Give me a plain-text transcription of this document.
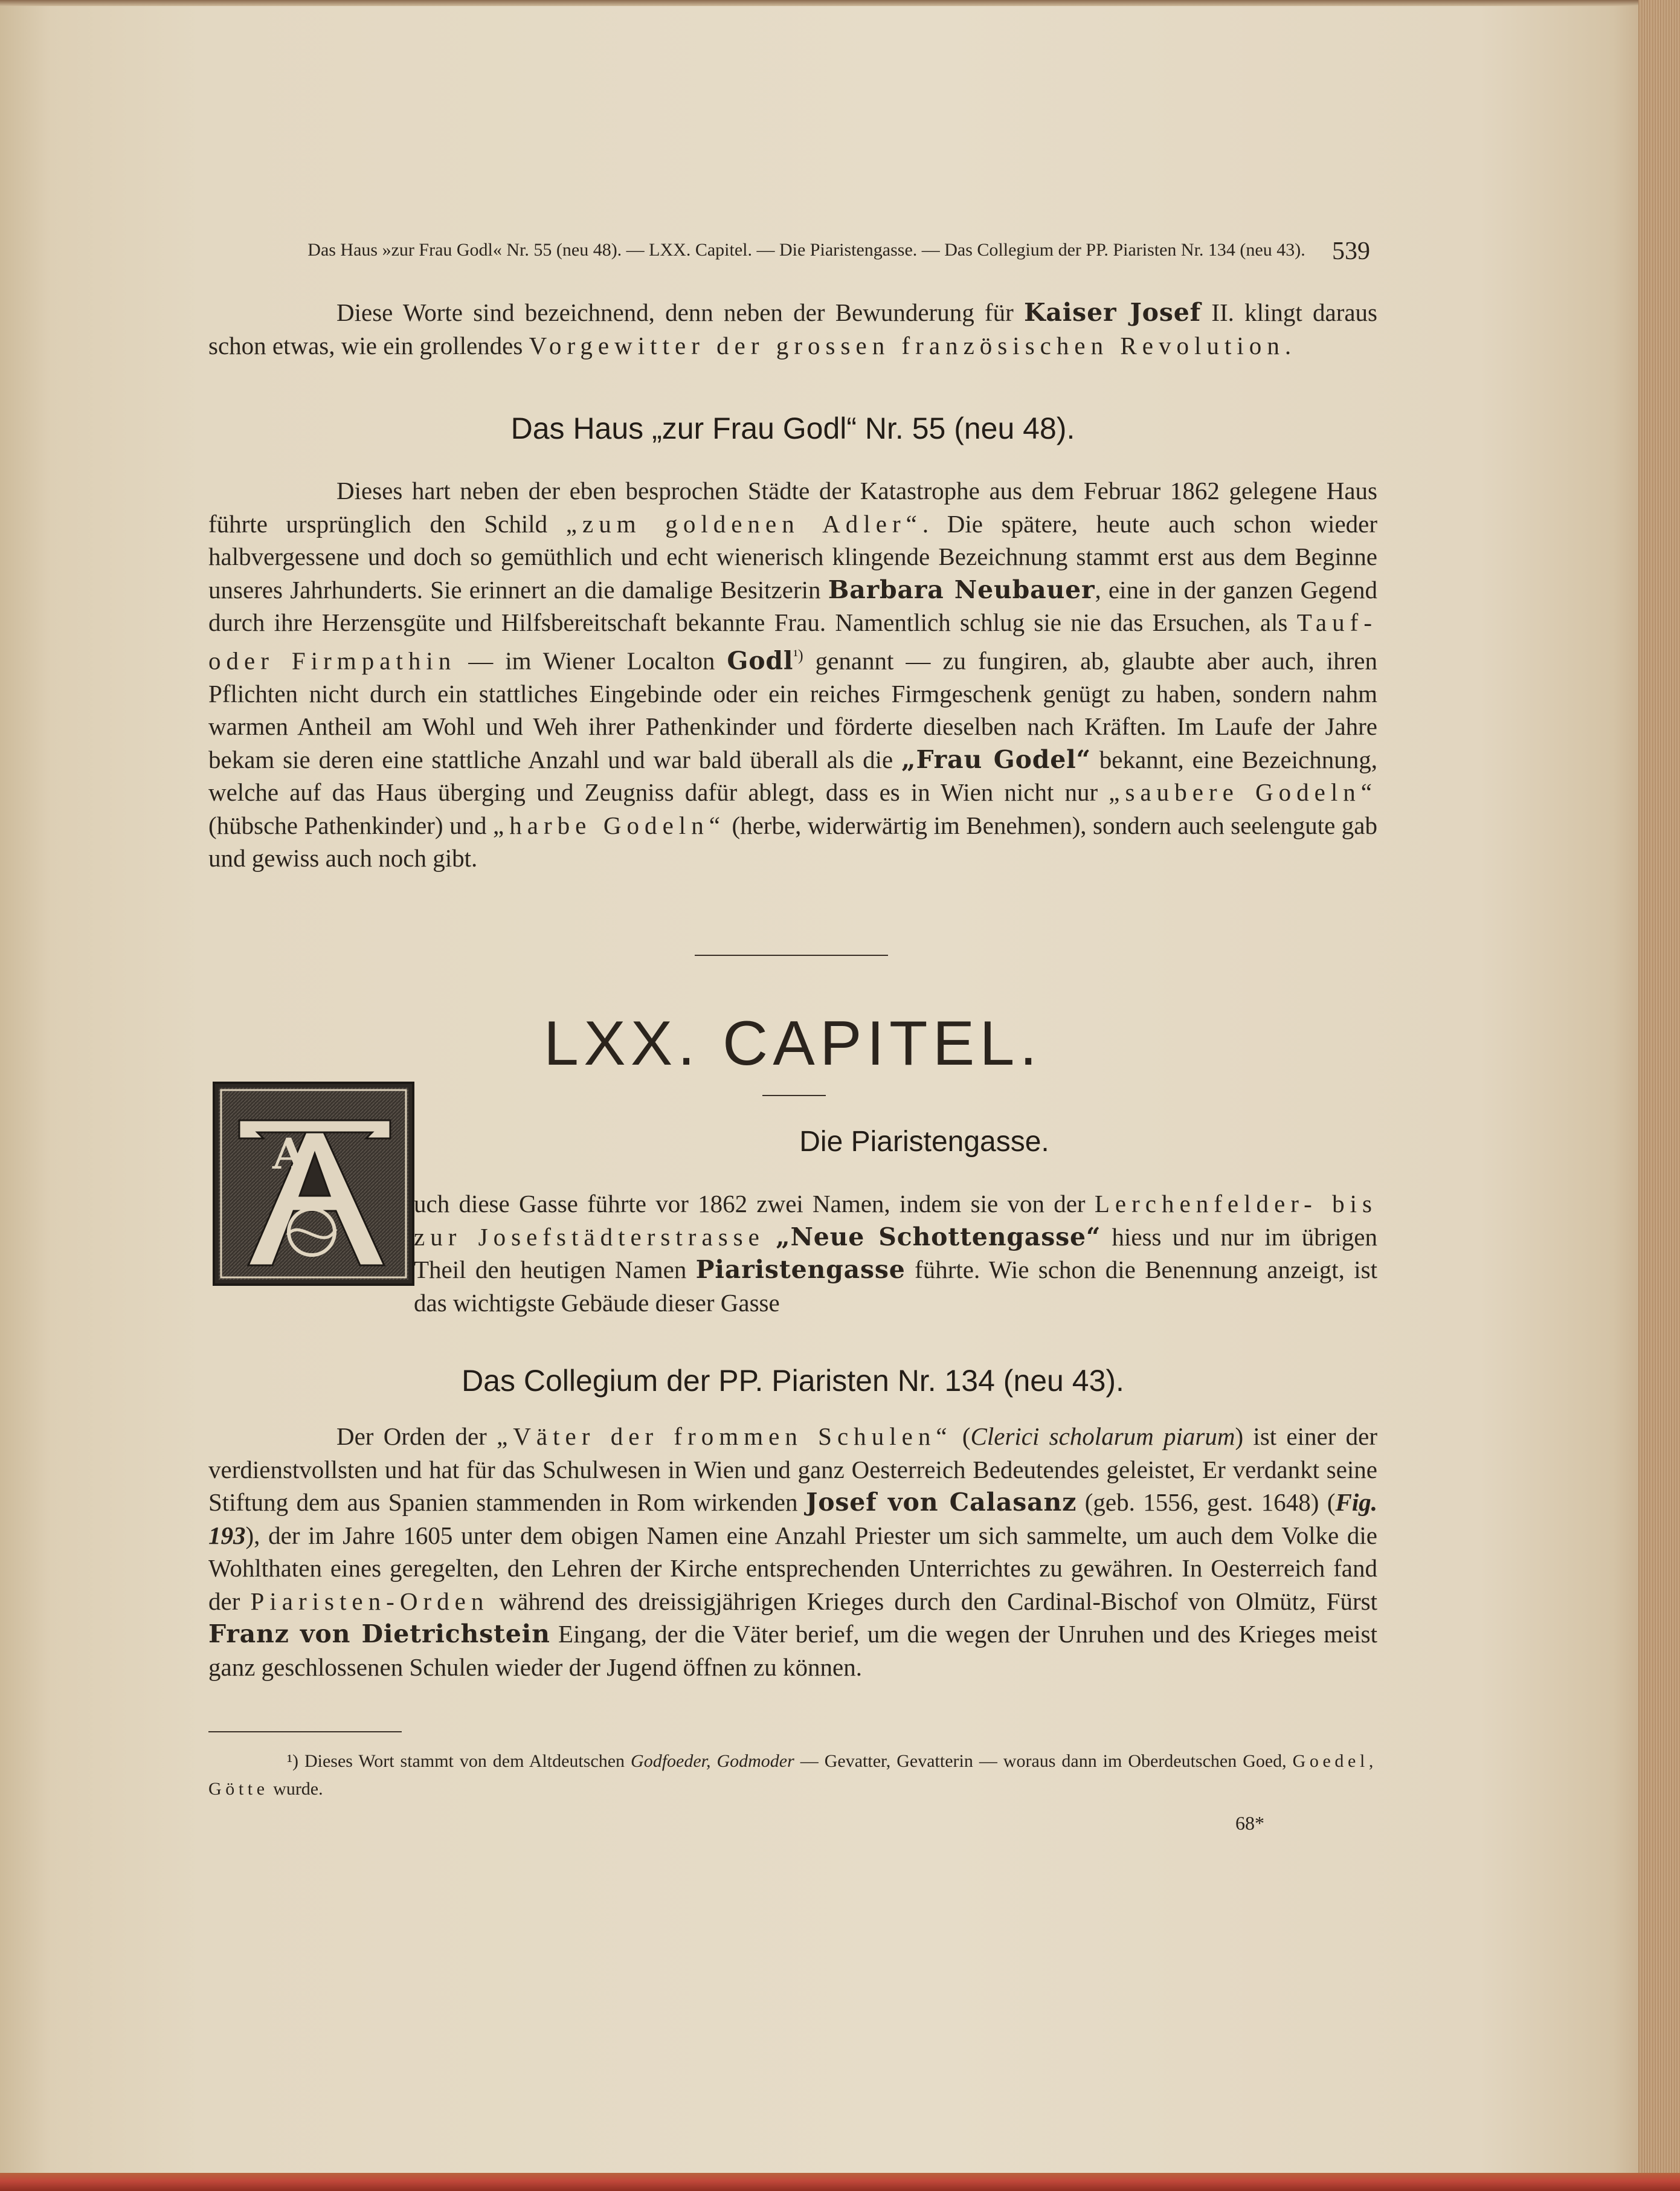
Das Haus »zur Frau Godl« Nr. 55 (neu 48). — LXX. Capitel. — Die Piaristengasse. — Das Collegium der PP. Piaristen Nr. 134 (neu 43).	539

Diese Worte sind bezeichnend, denn neben der Bewunderung für Kaiser Josef II. klingt daraus schon etwas, wie ein grollendes Vorgewitter der grossen französischen Revolution.

Das Haus „zur Frau Godl“ Nr. 55 (neu 48).

Dieses hart neben der eben besprochen Städte der Katastrophe aus dem Februar 1862 gelegene Haus führte ursprünglich den Schild „zum goldenen Adler“. Die spätere, heute auch schon wieder halbvergessene und doch so gemüthlich und echt wienerisch klingende Bezeichnung stammt erst aus dem Beginne unseres Jahrhunderts. Sie erinnert an die damalige Besitzerin Barbara Neubauer, eine in der ganzen Gegend durch ihre Herzensgüte und Hilfsbereitschaft bekannte Frau. Namentlich schlug sie nie das Ersuchen, als Tauf- oder Firmpathin — im Wiener Localton Godl$^{^1)}$ genannt — zu fungiren, ab, glaubte aber auch, ihren Pflichten nicht durch ein stattliches Eingebinde oder ein reiches Firmgeschenk genügt zu haben, sondern nahm warmen Antheil am Wohl und Weh ihrer Pathenkinder und förderte dieselben nach Kräften. Im Laufe der Jahre bekam sie deren eine stattliche Anzahl und war bald überall als die „Frau Godel“ bekannt, eine Bezeichnung, welche auf das Haus überging und Zeugniss dafür ablegt, dass es in Wien nicht nur „saubere Godeln“ (hübsche Pathenkinder) und „harbe Godeln“ (herbe, widerwärtig im Benehmen), sondern auch seelengute gab und gewiss auch noch gibt.

LXX. CAPITEL.
Die Piaristengasse.
A

uch diese Gasse führte vor 1862 zwei Namen, indem sie von der Lerchenfelder- bis zur Josefstädterstrasse „Neue Schottengasse“ hiess und nur im übrigen Theil den heutigen Namen Piaristengasse führte. Wie schon die Benennung anzeigt, ist das wichtigste Gebäude dieser Gasse

Das Collegium der PP. Piaristen Nr. 134 (neu 43).

Der Orden der „Väter der frommen Schulen“ (Clerici scholarum piarum) ist einer der verdienstvollsten und hat für das Schulwesen in Wien und ganz Oesterreich Bedeutendes geleistet, Er verdankt seine Stiftung dem aus Spanien stammenden in Rom wirkenden Josef von Calasanz (geb. 1556, gest. 1648) (Fig. 193), der im Jahre 1605 unter dem obigen Namen eine Anzahl Priester um sich sammelte, um auch dem Volke die Wohlthaten eines geregelten, den Lehren der Kirche entsprechenden Unterrichtes zu gewähren. In Oesterreich fand der Piaristen-Orden während des dreissigjährigen Krieges durch den Cardinal-Bischof von Olmütz, Fürst Franz von Dietrichstein Eingang, der die Väter berief, um die wegen der Unruhen und des Krieges meist ganz geschlossenen Schulen wieder der Jugend öffnen zu können.

¹) Dieses Wort stammt von dem Altdeutschen Godfoeder, Godmoder — Gevatter, Gevatterin — woraus dann im Oberdeutschen Goed, Goedel, Götte wurde.
68*
